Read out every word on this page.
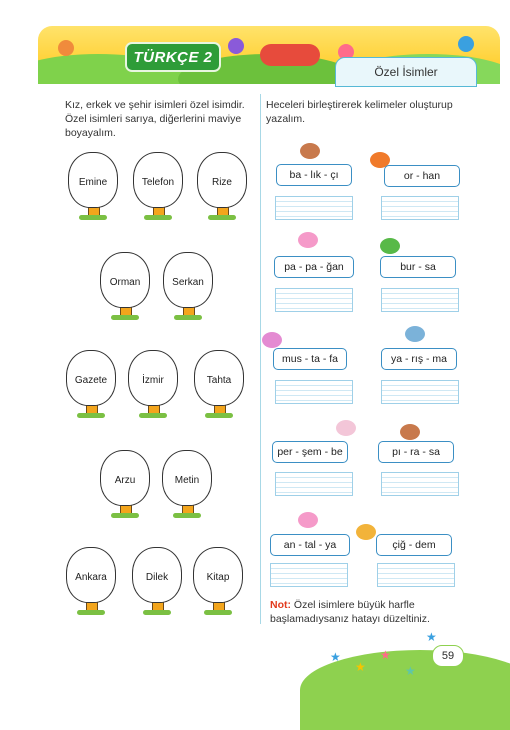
TÜRKÇE 2
Özel İsimler
Kız, erkek ve şehir isimleri özel isimdir. Özel isimleri sarıya, diğerlerini maviye boyayalım.
Emine	Telefon	Rize
Orman	Serkan
Gazete	İzmir	Tahta
Arzu	Metin
Ankara	Dilek	Kitap
Heceleri birleştirerek kelimeler oluşturup yazalım.
ba - lık - çı	or - han
pa - pa - ğan	bur - sa
mus - ta - fa	ya - rış - ma
per - şem - be	pı - ra - sa
an - tal - ya	çiğ - dem
Not: Özel isimlere büyük harfle başlamadıysanız hatayı düzeltiniz.
★
★
★
★
★
59
